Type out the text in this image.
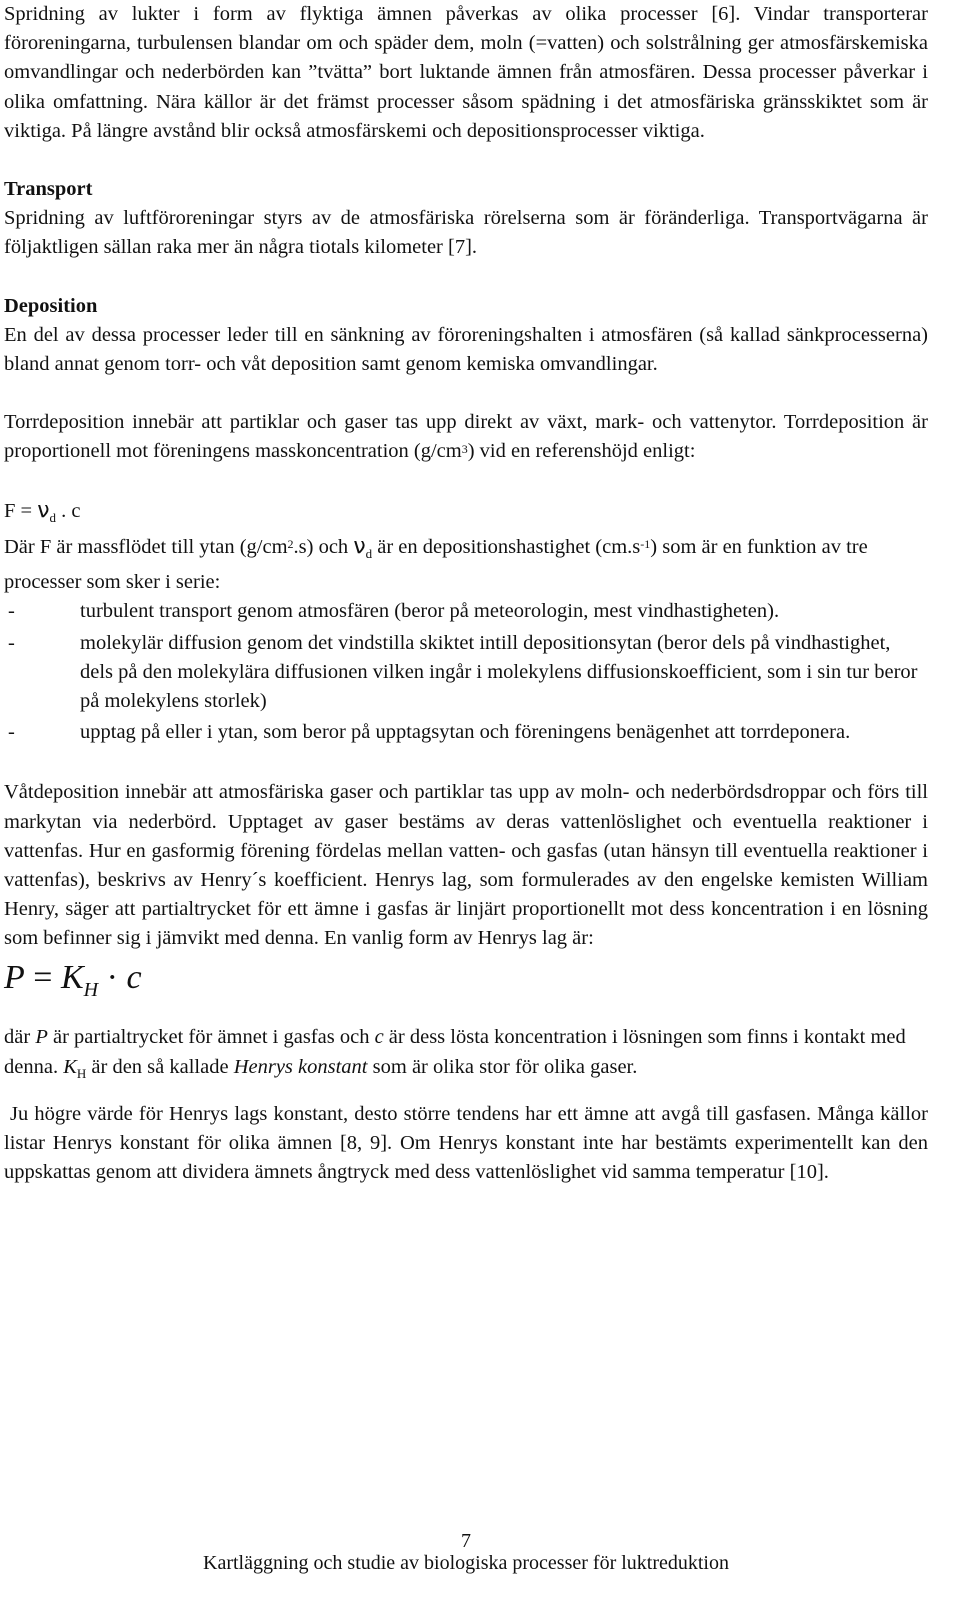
Spridning av lukter i form av flyktiga ämnen påverkas av olika processer [6]. Vindar transporterar föroreningarna, turbulensen blandar om och späder dem, moln (=vatten) och solstrålning ger atmosfärskemiska omvandlingar och nederbörden kan ”tvätta” bort luktande ämnen från atmosfären. Dessa processer påverkar i olika omfattning. Nära källor är det främst processer såsom spädning i det atmosfäriska gränsskiktet som är viktiga. På längre avstånd blir också atmosfärskemi och depositionsprocesser viktiga.

Transport

Spridning av luftföroreningar styrs av de atmosfäriska rörelserna som är föränderliga. Transportvägarna är följaktligen sällan raka mer än några tiotals kilometer [7].

Deposition

En del av dessa processer leder till en sänkning av föroreningshalten i atmosfären (så kallad sänkprocesserna) bland annat genom torr- och våt deposition samt genom kemiska omvandlingar.

Torrdeposition innebär att partiklar och gaser tas upp direkt av växt, mark- och vattenytor. Torrdeposition är proportionell mot föreningens masskoncentration $(g/cm^3)$ vid en referenshöjd enligt:

$F = \nu_d$ . c

Där F är massflödet till ytan $(g/cm^2.s)$ och $\nu_d$ är en depositionshastighet $(cm.s^{-1})$ som är en funktion av tre processer som sker i serie:

-	turbulent transport genom atmosfären (beror på meteorologin, mest vindhastigheten).
-	molekylär diffusion genom det vindstilla skiktet intill depositionsytan (beror dels på vindhastighet, dels på den molekylära diffusionen vilken ingår i molekylens diffusionskoefficient, som i sin tur beror på molekylens storlek)
-	upptag på eller i ytan, som beror på upptagsytan och föreningens benägenhet att torrdeponera.

Våtdeposition innebär att atmosfäriska gaser och partiklar tas upp av moln- och nederbördsdroppar och förs till markytan via nederbörd. Upptaget av gaser bestäms av deras vattenlöslighet och eventuella reaktioner i vattenfas. Hur en gasformig förening fördelas mellan vatten- och gasfas (utan hänsyn till eventuella reaktioner i vattenfas), beskrivs av Henry´s koefficient. Henrys lag, som formulerades av den engelske kemisten William Henry, säger att partialtrycket för ett ämne i gasfas är linjärt proportionellt mot dess koncentration i en lösning som befinner sig i jämvikt med denna. En vanlig form av Henrys lag är:

$P = K_H \cdot c$

där P är partialtrycket för ämnet i gasfas och c är dess lösta koncentration i lösningen som finns i kontakt med denna. $K_H$ är den så kallade Henrys konstant som är olika stor för olika gaser.

Ju högre värde för Henrys lags konstant, desto större tendens har ett ämne att avgå till gasfasen. Många källor listar Henrys konstant för olika ämnen [8, 9]. Om Henrys konstant inte har bestämts experimentellt kan den uppskattas genom att dividera ämnets ångtryck med dess vattenlöslighet vid samma temperatur [10].

7
Kartläggning och studie av biologiska processer för luktreduktion
